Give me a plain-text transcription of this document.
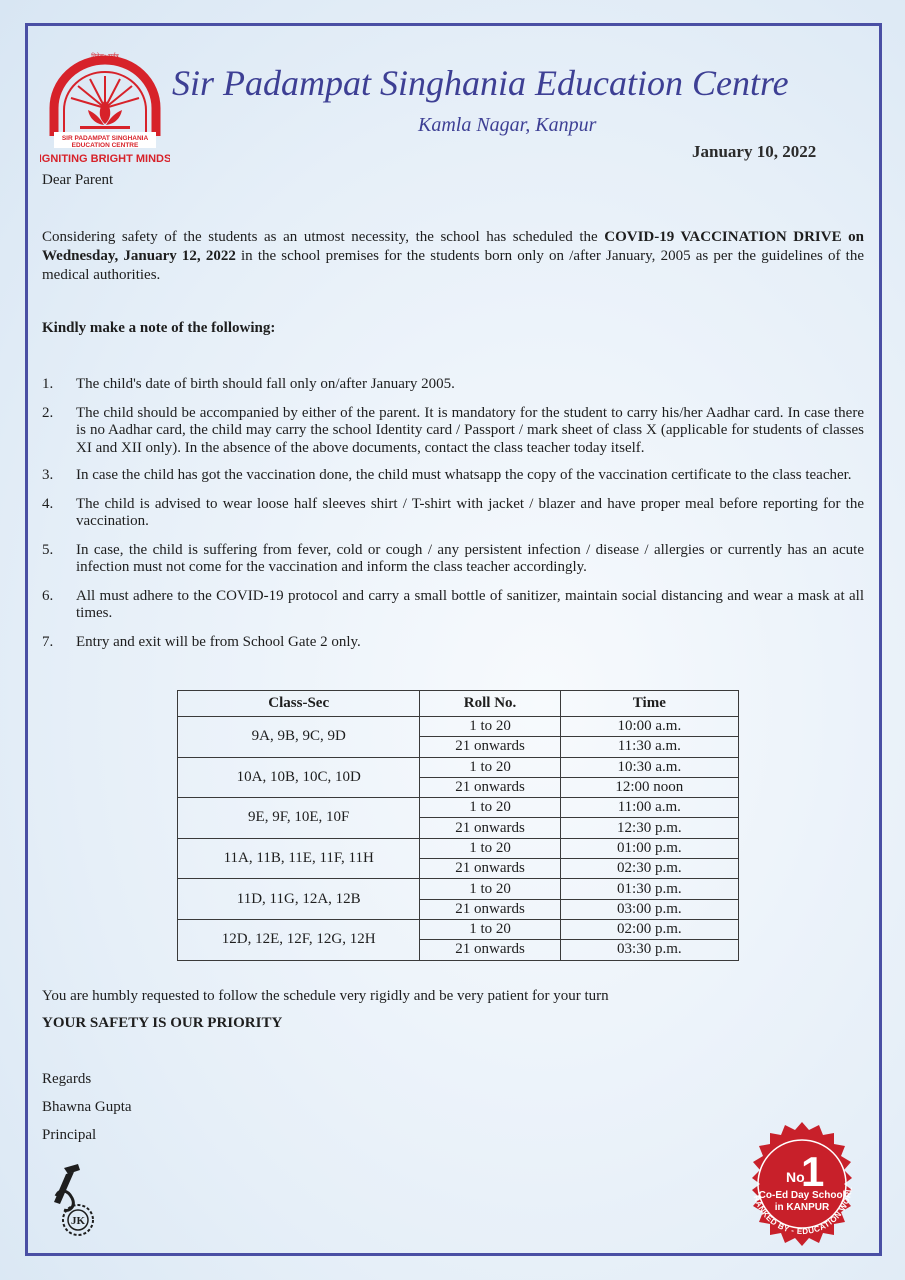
विवेक: सर्वत्र
SIR PADAMPAT SINGHANIA
EDUCATION CENTRE
IGNITING BRIGHT MINDS
Sir Padampat Singhania Education Centre
Kamla Nagar, Kanpur
January 10, 2022
Dear Parent

Considering safety of the students as an utmost necessity, the school has scheduled the COVID-19 VACCINATION DRIVE on Wednesday, January 12, 2022 in the school premises for the students born only on /after January, 2005 as per the guidelines of the medical authorities.

Kindly make a note of the following:
1. The child's date of birth should fall only on/after January 2005.
2. The child should be accompanied by either of the parent. It is mandatory for the student to carry his/her Aadhar card. In case there is no Aadhar card, the child may carry the school Identity card / Passport / mark sheet of class X (applicable for students of classes XI and XII only). In the absence of the above documents, contact the class teacher today itself.
3. In case the child has got the vaccination done, the child must whatsapp the copy of the vaccination certificate to the class teacher.
4. The child is advised to wear loose half sleeves shirt / T-shirt with jacket / blazer and have proper meal before reporting for the vaccination.
5. In case, the child is suffering from fever, cold or cough / any persistent infection / disease / allergies or currently has an acute infection must not come for the vaccination and inform the class teacher accordingly.
6. All must adhere to the COVID-19 protocol and carry a small bottle of sanitizer, maintain social distancing and wear a mask at all times.
7. Entry and exit will be from School Gate 2 only.
Class-Sec	Roll No.	Time
9A, 9B, 9C, 9D	1 to 20	10:00 a.m.
	21 onwards	11:30 a.m.
10A, 10B, 10C, 10D	1 to 20	10:30 a.m.
	21 onwards	12:00 noon
9E, 9F, 10E, 10F	1 to 20	11:00 a.m.
	21 onwards	12:30 p.m.
11A, 11B, 11E, 11F, 11H	1 to 20	01:00 p.m.
	21 onwards	02:30 p.m.
11D, 11G, 12A, 12B	1 to 20	01:30 p.m.
	21 onwards	03:00 p.m.
12D, 12E, 12F, 12G, 12H	1 to 20	02:00 p.m.
	21 onwards	03:30 p.m.
You are humbly requested to follow the schedule very rigidly and be very patient for your turn
YOUR SAFETY IS OUR PRIORITY
Regards
Bhawna Gupta
Principal
JK
RANKED BY - EDUCATION WORL
No
1
Co-Ed Day School
in KANPUR
